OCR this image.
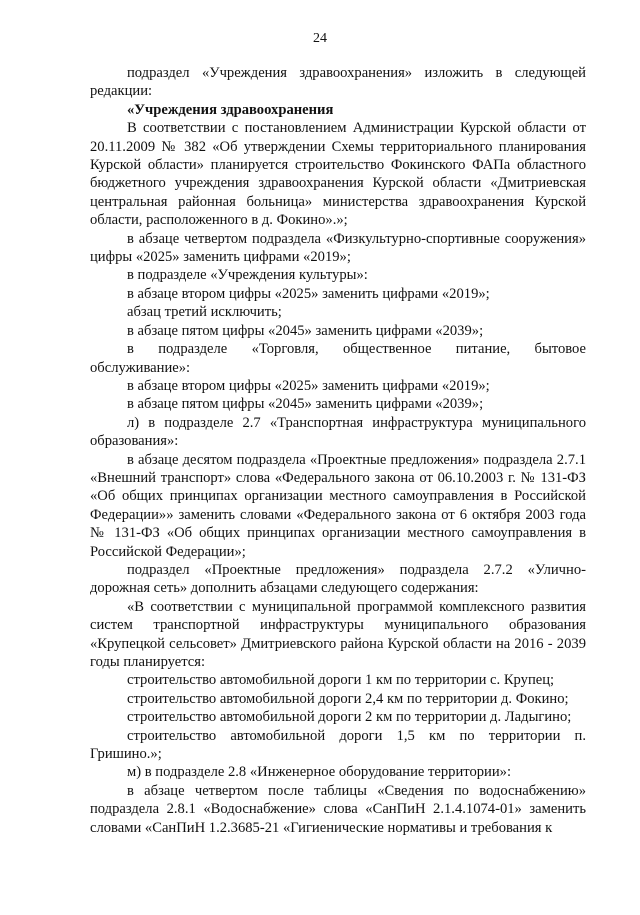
24

подраздел «Учреждения здравоохранения» изложить в следующей редакции:

«Учреждения здравоохранения

В соответствии с постановлением Администрации Курской области от 20.11.2009 № 382 «Об утверждении Схемы территориального планирования Курской области» планируется строительство Фокинского ФАПа областного бюджетного учреждения здравоохранения Курской области «Дмитриевская центральная районная больница» министерства здравоохранения Курской области, расположенного в д. Фокино».»;

в абзаце четвертом подраздела «Физкультурно-спортивные сооружения» цифры «2025» заменить цифрами «2019»;

в подразделе «Учреждения культуры»:

в абзаце втором цифры «2025» заменить цифрами «2019»;

абзац третий исключить;

в абзаце пятом цифры «2045» заменить цифрами «2039»;

в подразделе «Торговля, общественное питание, бытовое обслуживание»:

в абзаце втором цифры «2025» заменить цифрами «2019»;

в абзаце пятом цифры «2045» заменить цифрами «2039»;

л) в подразделе 2.7 «Транспортная инфраструктура муниципального образования»:

в абзаце десятом подраздела «Проектные предложения» подраздела 2.7.1 «Внешний транспорт» слова «Федерального закона от 06.10.2003 г. № 131-ФЗ «Об общих принципах организации местного самоуправления в Российской Федерации»» заменить словами «Федерального закона от 6 октября 2003 года № 131-ФЗ «Об общих принципах организации местного самоуправления в Российской Федерации»;

подраздел «Проектные предложения» подраздела 2.7.2 «Улично-дорожная сеть» дополнить абзацами следующего содержания:

«В соответствии с муниципальной программой комплексного развития систем транспортной инфраструктуры муниципального образования «Крупецкой сельсовет» Дмитриевского района Курской области на 2016 - 2039 годы планируется:

строительство автомобильной дороги 1 км по территории с. Крупец;

строительство автомобильной дороги 2,4 км по территории д. Фокино;

строительство автомобильной дороги 2 км по территории д. Ладыгино;

строительство автомобильной дороги 1,5 км по территории п. Гришино.»;

м) в подразделе 2.8 «Инженерное оборудование территории»:

в абзаце четвертом после таблицы «Сведения по водоснабжению» подраздела 2.8.1 «Водоснабжение» слова «СанПиН 2.1.4.1074-01» заменить словами «СанПиН 1.2.3685-21 «Гигиенические нормативы и требования к
